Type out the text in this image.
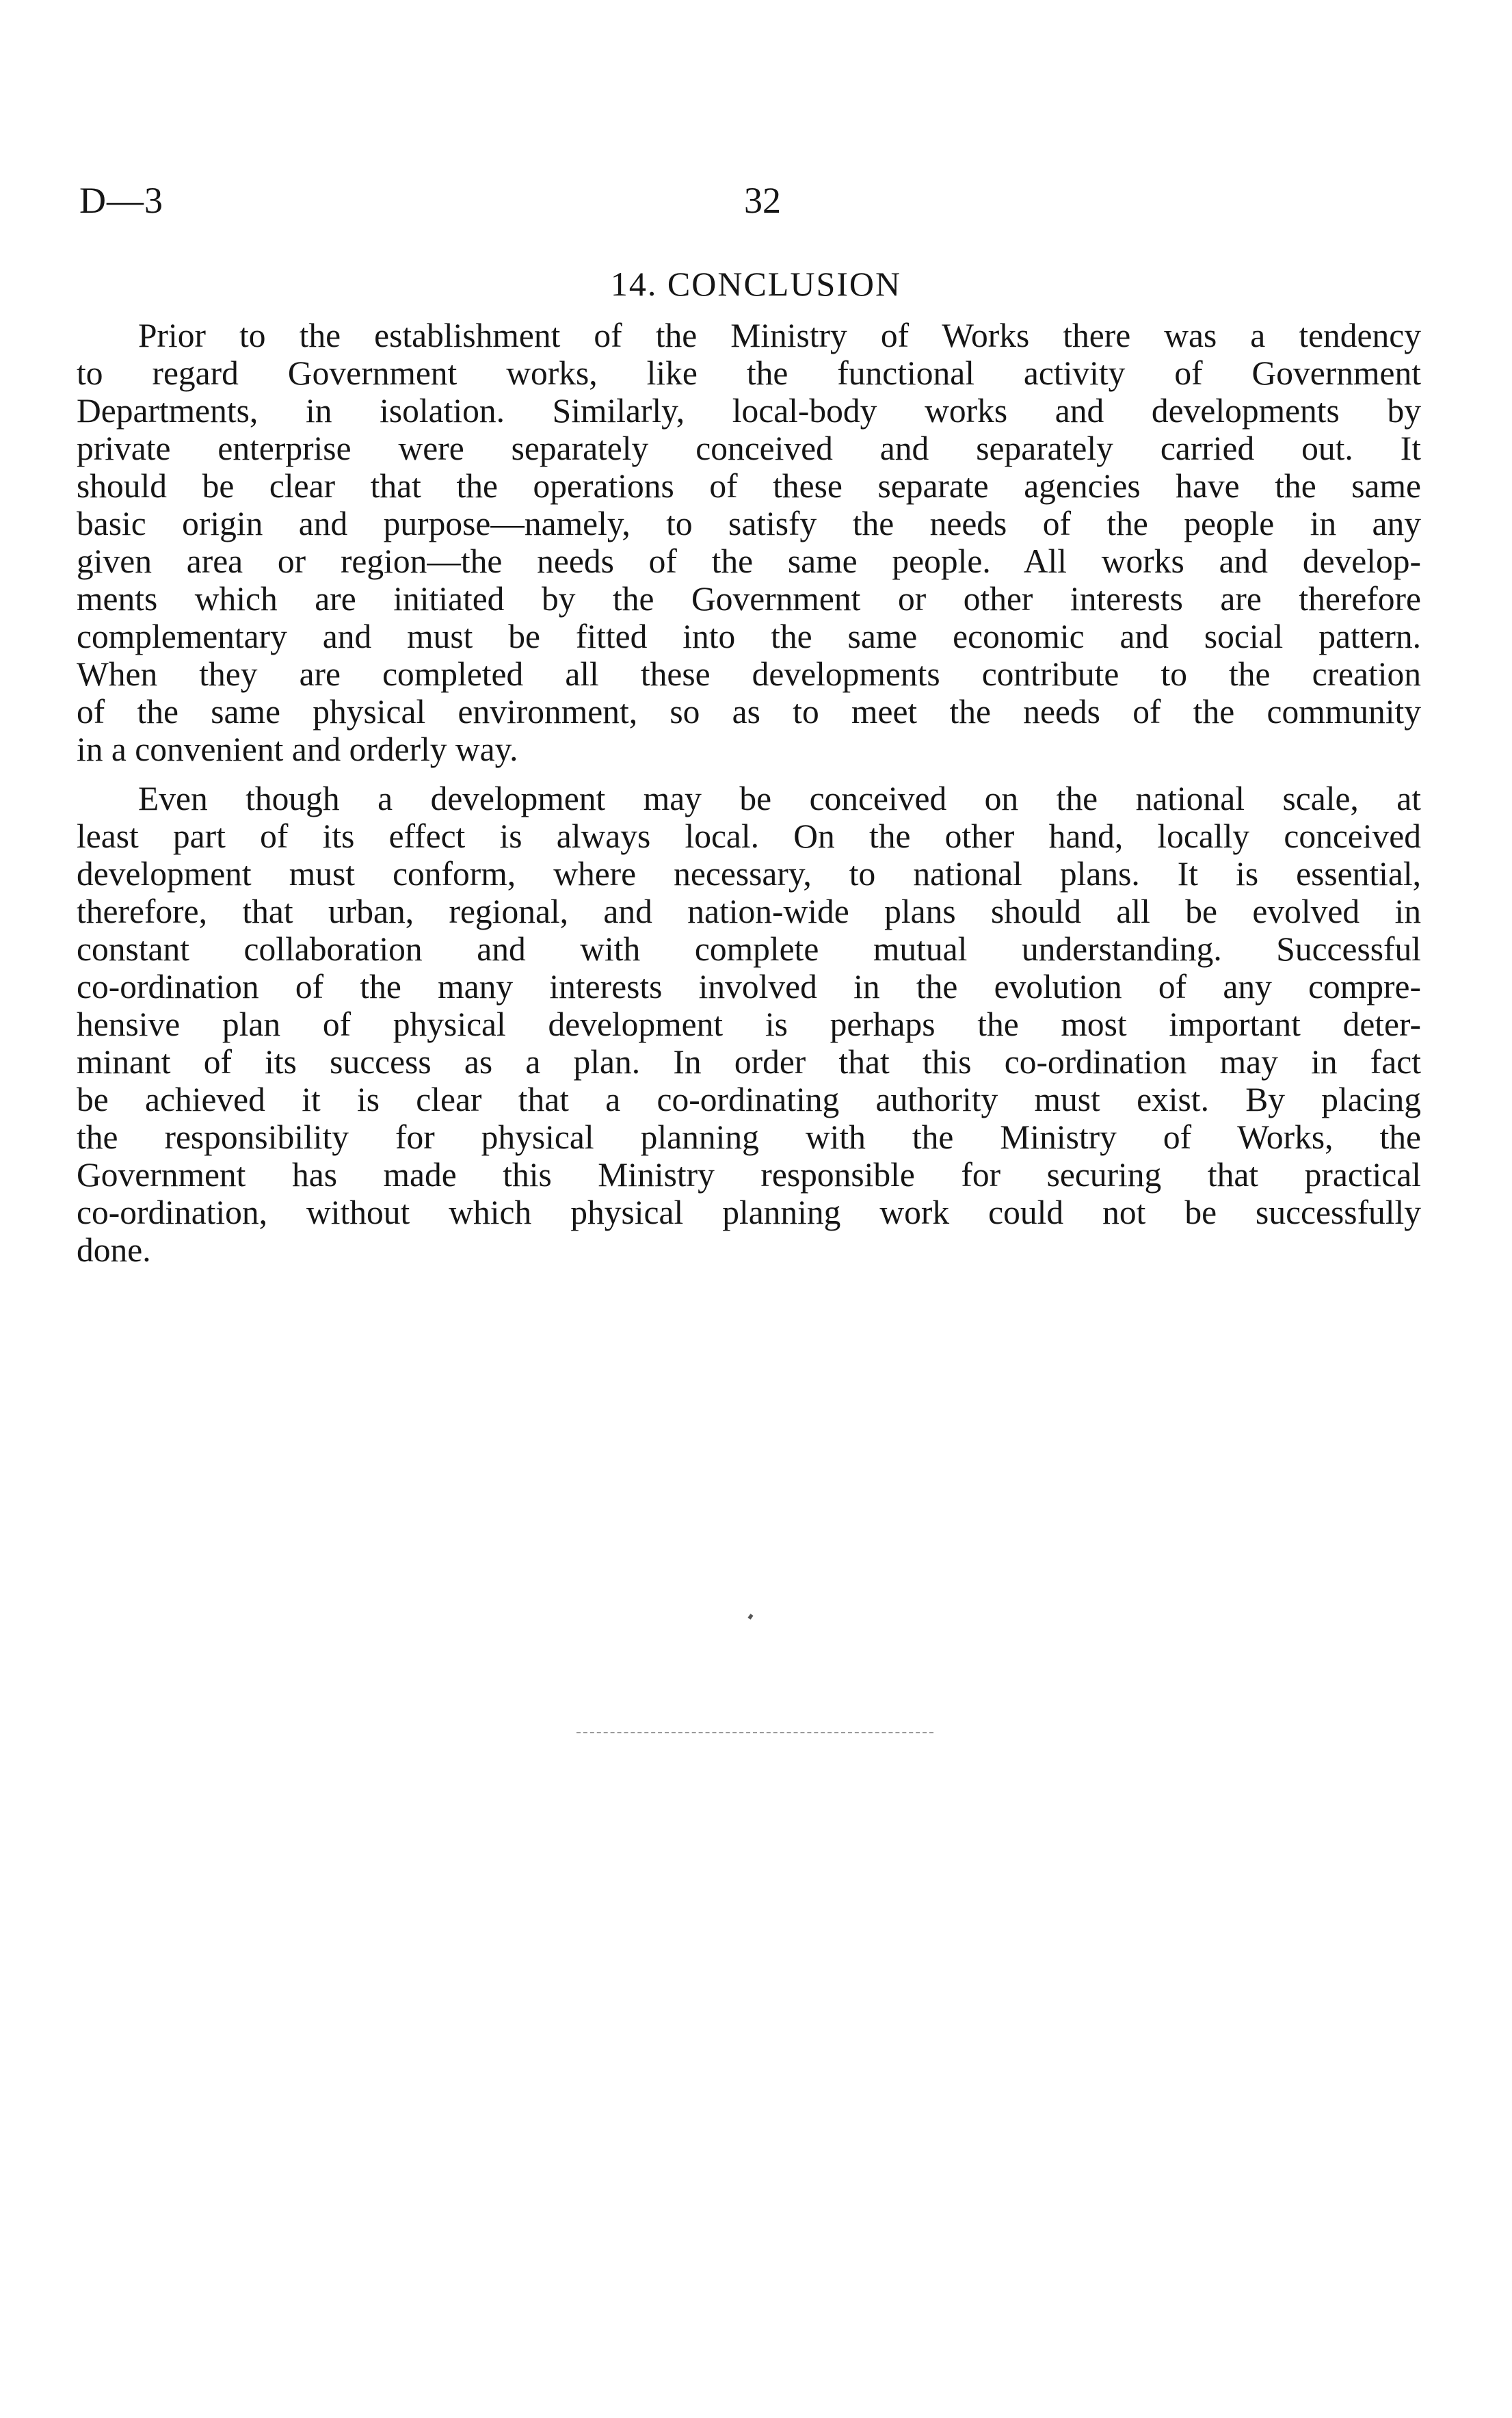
D—3	32
14. CONCLUSION
Prior to the establishment of the Ministry of Works there was a tendency
to regard Government works, like the functional activity of Government
Departments, in isolation. Similarly, local-body works and developments by
private enterprise were separately conceived and separately carried out. It
should be clear that the operations of these separate agencies have the same
basic origin and purpose—namely, to satisfy the needs of the people in any
given area or region—the needs of the same people. All works and develop-
ments which are initiated by the Government or other interests are therefore
complementary and must be fitted into the same economic and social pattern.
When they are completed all these developments contribute to the creation
of the same physical environment, so as to meet the needs of the community
in a convenient and orderly way.
Even though a development may be conceived on the national scale, at
least part of its effect is always local. On the other hand, locally conceived
development must conform, where necessary, to national plans. It is essential,
therefore, that urban, regional, and nation-wide plans should all be evolved in
constant collaboration and with complete mutual understanding. Successful
co-ordination of the many interests involved in the evolution of any compre-
hensive plan of physical development is perhaps the most important deter-
minant of its success as a plan. In order that this co-ordination may in fact
be achieved it is clear that a co-ordinating authority must exist. By placing
the responsibility for physical planning with the Ministry of Works, the
Government has made this Ministry responsible for securing that practical
co-ordination, without which physical planning work could not be successfully
done.
